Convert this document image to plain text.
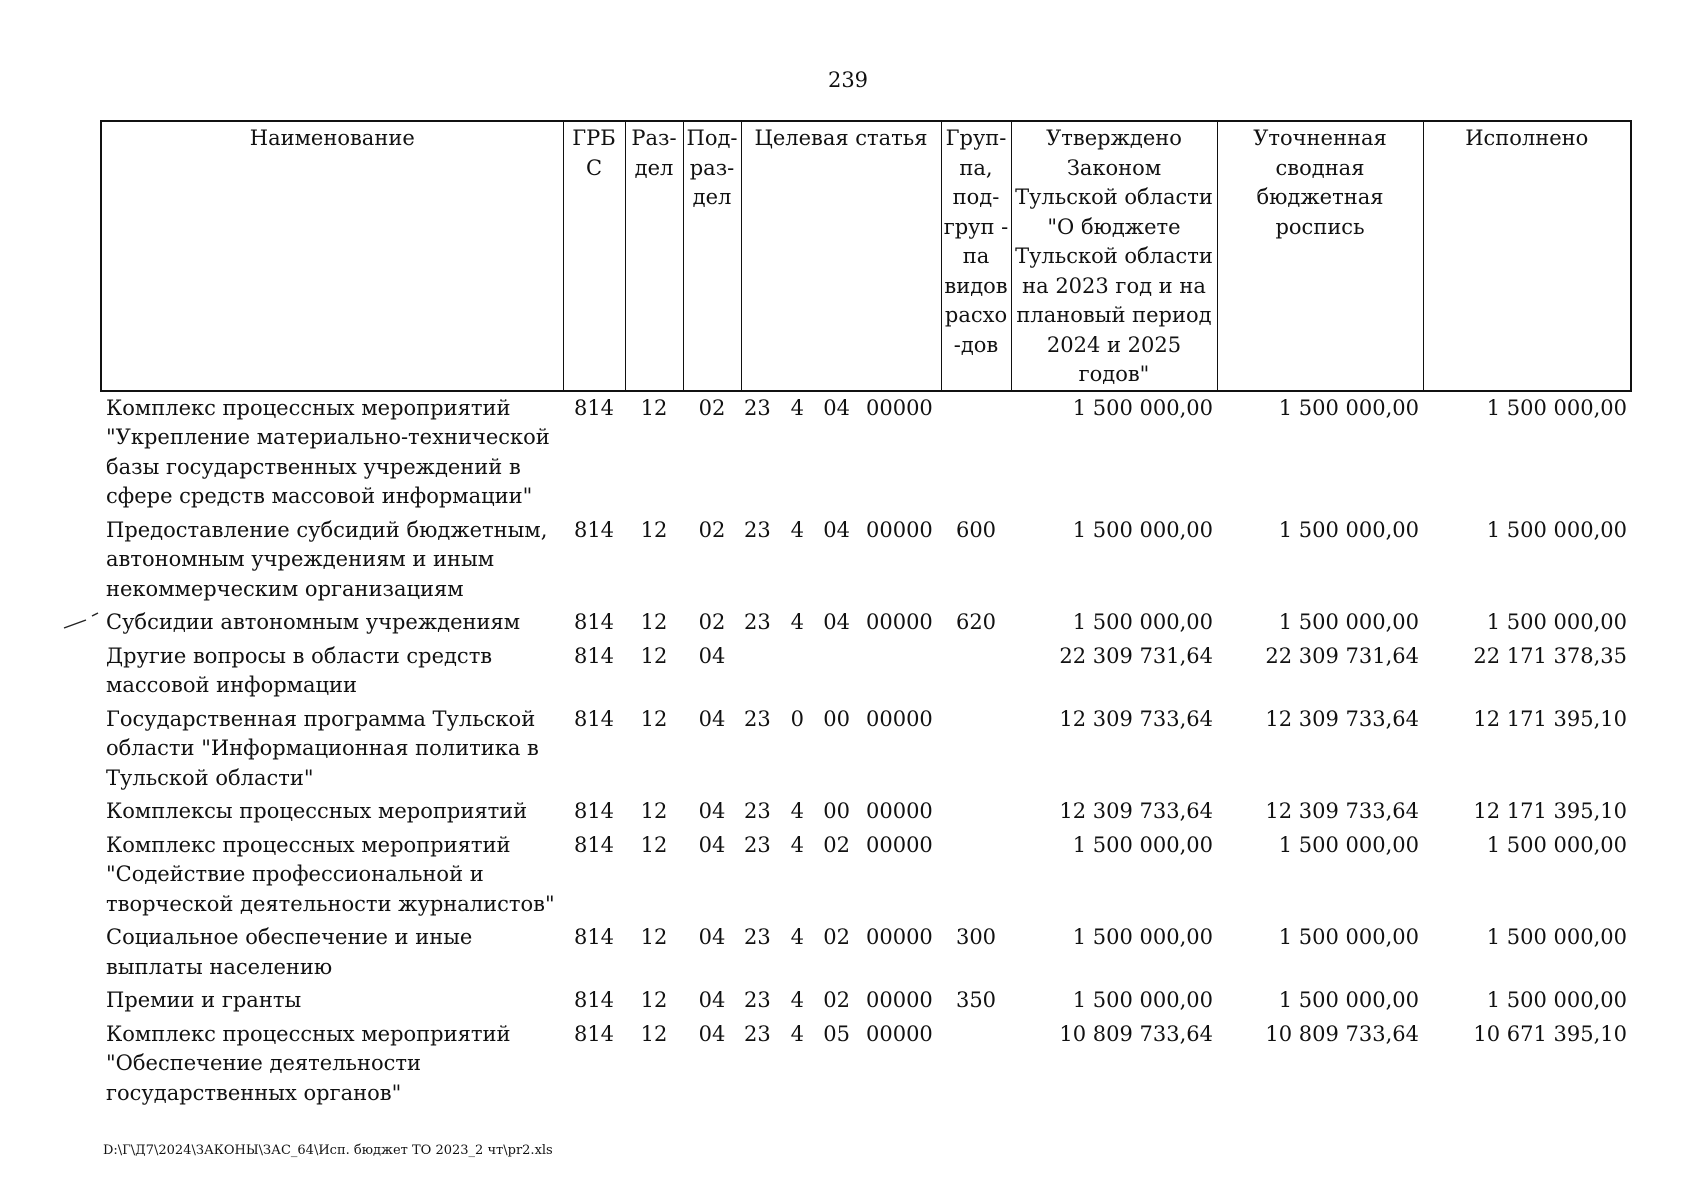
239
Наименование	ГРБС	Раз-дел	Под-раз-дел	Целевая статья	Груп-па, под-груп - па видов расхо-дов	Утверждено Законом Тульской области "О бюджете Тульской области на 2023 год и на плановый период 2024 и 2025 годов"	Уточненная сводная бюджетная роспись	Исполнено
Комплекс процессных мероприятий "Укрепление материально-технической базы государственных учреждений в сфере средств массовой информации"	814	12	02	23 4 04 00000		1 500 000,00	1 500 000,00	1 500 000,00
Предоставление субсидий бюджетным, автономным учреждениям и иным некоммерческим организациям	814	12	02	23 4 04 00000	600	1 500 000,00	1 500 000,00	1 500 000,00
Субсидии автономным учреждениям	814	12	02	23 4 04 00000	620	1 500 000,00	1 500 000,00	1 500 000,00
Другие вопросы в области средств массовой информации	814	12	04			22 309 731,64	22 309 731,64	22 171 378,35
Государственная программа Тульской области "Информационная политика в Тульской области"	814	12	04	23 0 00 00000		12 309 733,64	12 309 733,64	12 171 395,10
Комплексы процессных мероприятий	814	12	04	23 4 00 00000		12 309 733,64	12 309 733,64	12 171 395,10
Комплекс процессных мероприятий "Содействие профессиональной и творческой деятельности журналистов"	814	12	04	23 4 02 00000		1 500 000,00	1 500 000,00	1 500 000,00
Социальное обеспечение и иные выплаты населению	814	12	04	23 4 02 00000	300	1 500 000,00	1 500 000,00	1 500 000,00
Премии и гранты	814	12	04	23 4 02 00000	350	1 500 000,00	1 500 000,00	1 500 000,00
Комплекс процессных мероприятий "Обеспечение деятельности государственных органов"	814	12	04	23 4 05 00000		10 809 733,64	10 809 733,64	10 671 395,10
D:\Г\Д7\2024\ЗАКОНЫ\ЗАС_64\Исп. бюджет ТО 2023_2 чт\pr2.xls
